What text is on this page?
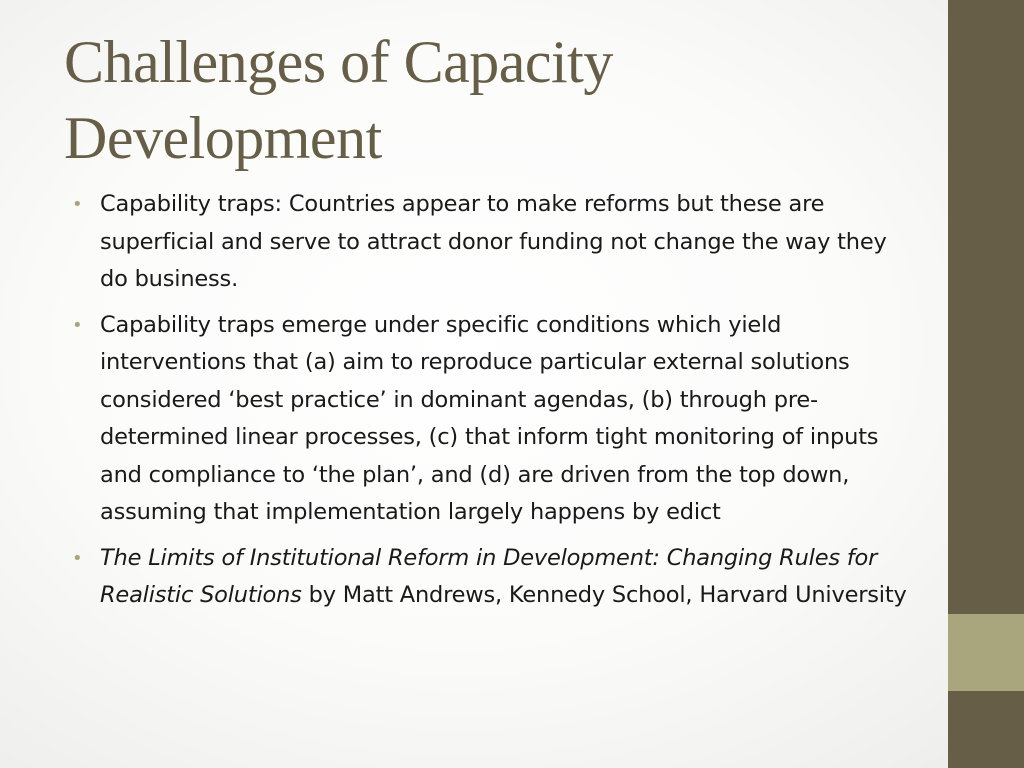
Challenges of Capacity Development
• Capability traps: Countries appear to make reforms but these are superficial and serve to attract donor funding not change the way they do business.
• Capability traps emerge under specific conditions which yield interventions that (a) aim to reproduce particular external solutions considered ‘best practice’ in dominant agendas, (b) through pre-determined linear processes, (c) that inform tight monitoring of inputs and compliance to ‘the plan’, and (d) are driven from the top down, assuming that implementation largely happens by edict
• The Limits of Institutional Reform in Development: Changing Rules for Realistic Solutions by Matt Andrews, Kennedy School, Harvard University
